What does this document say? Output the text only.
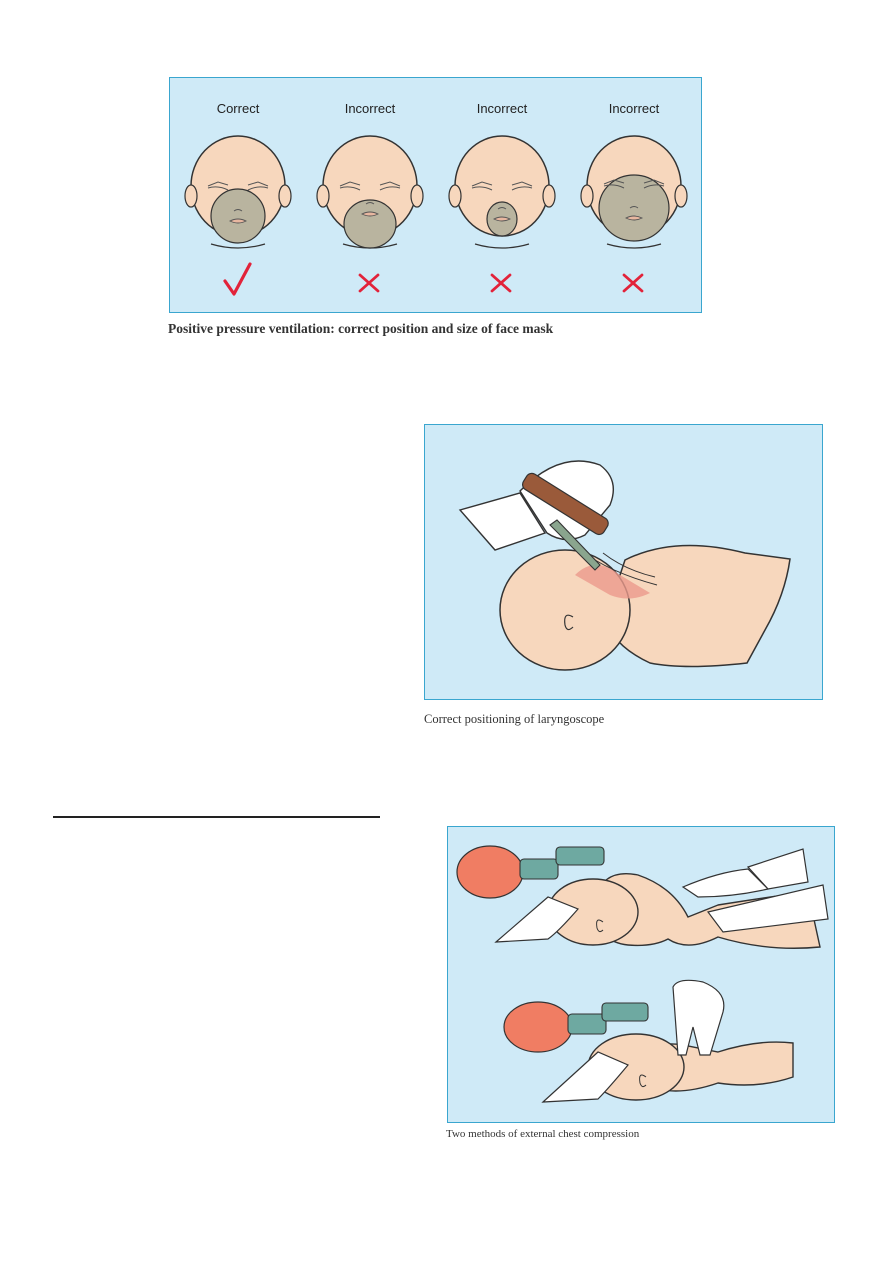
Correct	Incorrect	Incorrect	Incorrect
Positive pressure ventilation: correct position and size of face mask
Correct positioning of laryngoscope
Two methods of external chest compression
